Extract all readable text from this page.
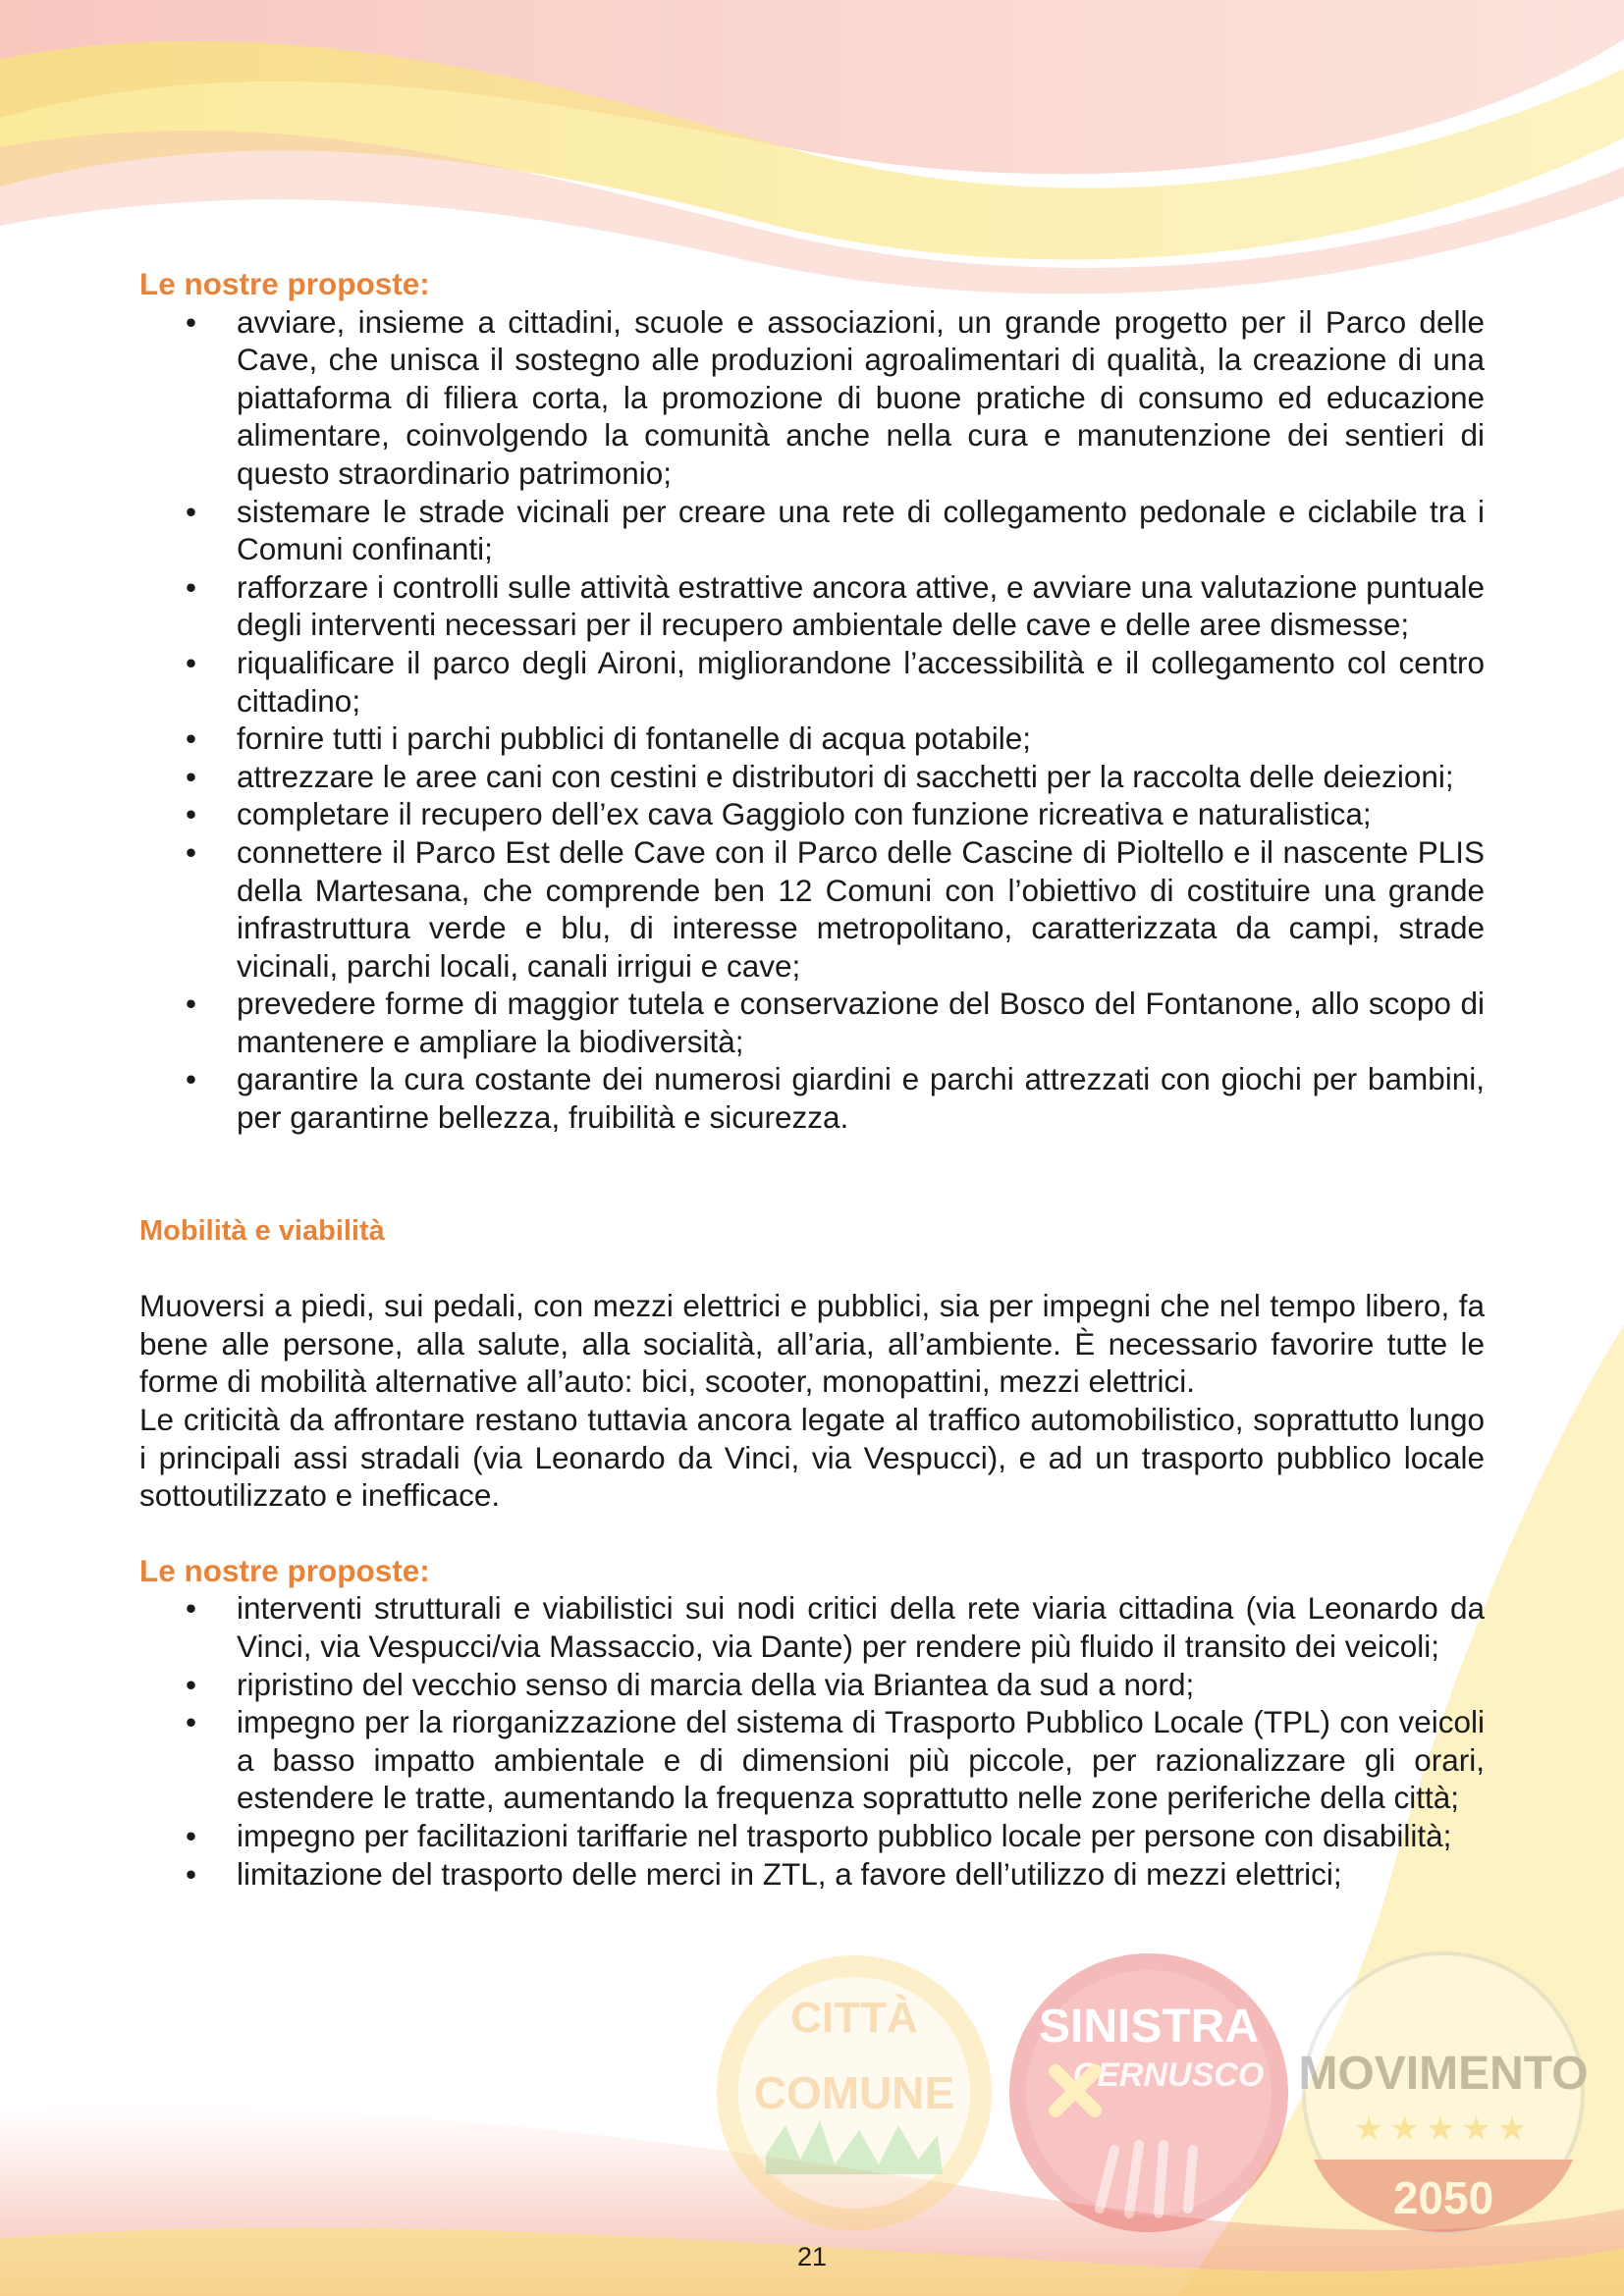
CITTÀ
COMUNE
SINISTRA
CERNUSCO MOVIMENTO
★★★★★
2050

Le nostre proposte:

• avviare, insieme a cittadini, scuole e associazioni, un grande progetto per il Parco delle Cave, che unisca il sostegno alle produzioni agroalimentari di qualità, la creazione di una piattaforma di filiera corta, la promozione di buone pratiche di consumo ed educazione alimentare, coinvolgendo la comunità anche nella cura e manutenzione dei sentieri di questo straordinario patrimonio;
• sistemare le strade vicinali per creare una rete di collegamento pedonale e ciclabile tra i Comuni confinanti;
• rafforzare i controlli sulle attività estrattive ancora attive, e avviare una valutazione puntuale degli interventi necessari per il recupero ambientale delle cave e delle aree dismesse;
• riqualificare il parco degli Aironi, migliorandone l’accessibilità e il collegamento col centro cittadino;
• fornire tutti i parchi pubblici di fontanelle di acqua potabile;
• attrezzare le aree cani con cestini e distributori di sacchetti per la raccolta delle deiezioni;
• completare il recupero dell’ex cava Gaggiolo con funzione ricreativa e naturalistica;
• connettere il Parco Est delle Cave con il Parco delle Cascine di Pioltello e il nascente PLIS della Martesana, che comprende ben 12 Comuni con l’obiettivo di costituire una grande infrastruttura verde e blu, di interesse metropolitano, caratterizzata da campi, strade vicinali, parchi locali, canali irrigui e cave;
• prevedere forme di maggior tutela e conservazione del Bosco del Fontanone, allo scopo di mantenere e ampliare la biodiversità;
• garantire la cura costante dei numerosi giardini e parchi attrezzati con giochi per bambini, per garantirne bellezza, fruibilità e sicurezza.

Mobilità e viabilità

Muoversi a piedi, sui pedali, con mezzi elettrici e pubblici, sia per impegni che nel tempo libero, fa bene alle persone, alla salute, alla socialità, all’aria, all’ambiente. È necessario favorire tutte le forme di mobilità alternative all’auto: bici, scooter, monopattini, mezzi elettrici.

Le criticità da affrontare restano tuttavia ancora legate al traffico automobilistico, soprattutto lungo i principali assi stradali (via Leonardo da Vinci, via Vespucci), e ad un trasporto pubblico locale sottoutilizzato e inefficace.

Le nostre proposte:

• interventi strutturali e viabilistici sui nodi critici della rete viaria cittadina (via Leonardo da Vinci, via Vespucci/via Massaccio, via Dante) per rendere più fluido il transito dei veicoli;
• ripristino del vecchio senso di marcia della via Briantea da sud a nord;
• impegno per la riorganizzazione del sistema di Trasporto Pubblico Locale (TPL) con veicoli a basso impatto ambientale e di dimensioni più piccole, per razionalizzare gli orari, estendere le tratte, aumentando la frequenza soprattutto nelle zone periferiche della città;
• impegno per facilitazioni tariffarie nel trasporto pubblico locale per persone con disabilità;
• limitazione del trasporto delle merci in ZTL, a favore dell’utilizzo di mezzi elettrici;
21
